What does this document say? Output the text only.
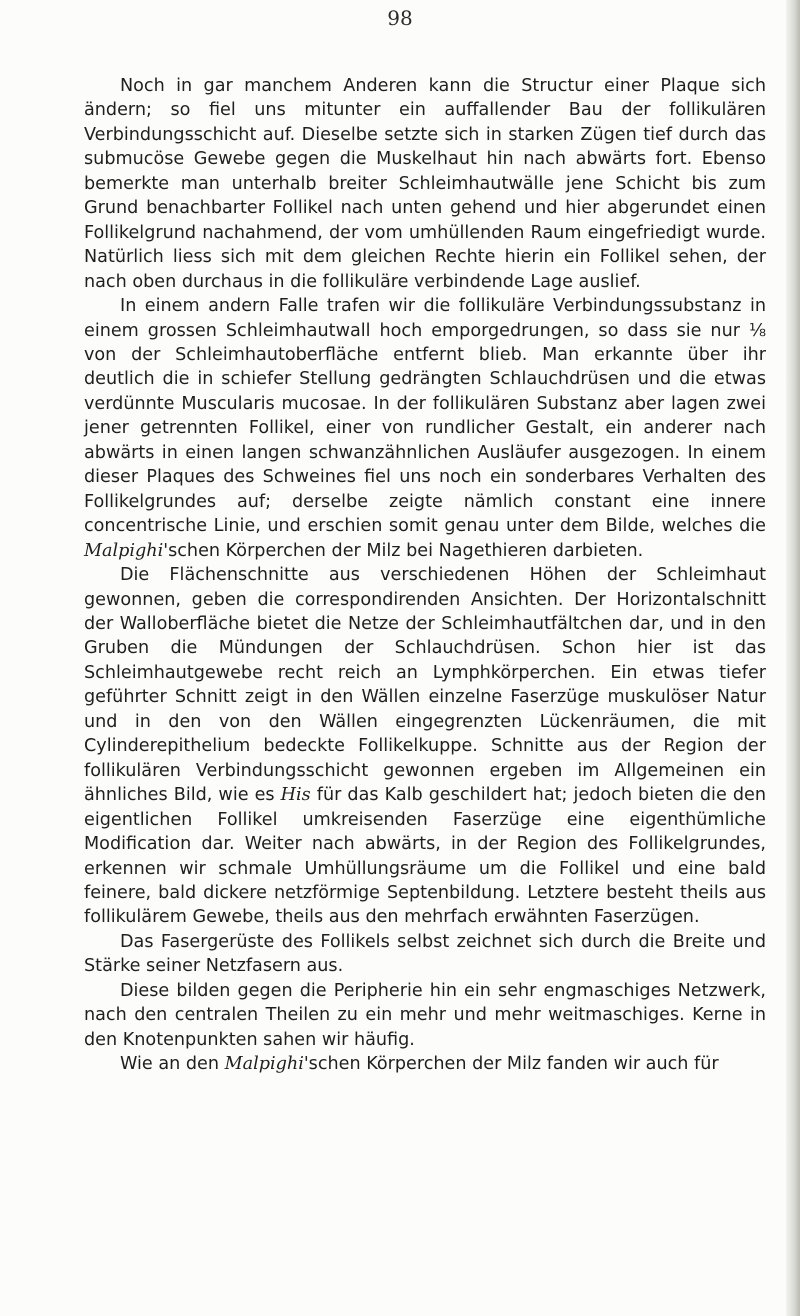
98

Noch in gar manchem Anderen kann die Structur einer Plaque sich ändern; so fiel uns mitunter ein auffallender Bau der follikulären Verbindungsschicht auf. Dieselbe setzte sich in starken Zügen tief durch das submucöse Gewebe gegen die Muskelhaut hin nach abwärts fort. Ebenso bemerkte man unterhalb breiter Schleimhautwälle jene Schicht bis zum Grund benachbarter Follikel nach unten gehend und hier abgerundet einen Follikelgrund nachahmend, der vom umhüllenden Raum eingefriedigt wurde. Natürlich liess sich mit dem gleichen Rechte hierin ein Follikel sehen, der nach oben durchaus in die follikuläre verbindende Lage auslief.

In einem andern Falle trafen wir die follikuläre Verbindungssubstanz in einem grossen Schleimhautwall hoch emporgedrungen, so dass sie nur ⅛ von der Schleimhautoberfläche entfernt blieb. Man erkannte über ihr deutlich die in schiefer Stellung gedrängten Schlauchdrüsen und die etwas verdünnte Muscularis mucosae. In der follikulären Substanz aber lagen zwei jener getrennten Follikel, einer von rundlicher Gestalt, ein anderer nach abwärts in einen langen schwanzähnlichen Ausläufer ausgezogen. In einem dieser Plaques des Schweines fiel uns noch ein sonderbares Verhalten des Follikelgrundes auf; derselbe zeigte nämlich constant eine innere concentrische Linie, und erschien somit genau unter dem Bilde, welches die Malpighi'schen Körperchen der Milz bei Nagethieren darbieten.

Die Flächenschnitte aus verschiedenen Höhen der Schleimhaut gewonnen, geben die correspondirenden Ansichten. Der Horizontalschnitt der Walloberfläche bietet die Netze der Schleimhautfältchen dar, und in den Gruben die Mündungen der Schlauchdrüsen. Schon hier ist das Schleimhautgewebe recht reich an Lymphkörperchen. Ein etwas tiefer geführter Schnitt zeigt in den Wällen einzelne Faserzüge muskulöser Natur und in den von den Wällen eingegrenzten Lückenräumen, die mit Cylinderepithelium bedeckte Follikelkuppe. Schnitte aus der Region der follikulären Verbindungsschicht gewonnen ergeben im Allgemeinen ein ähnliches Bild, wie es His für das Kalb geschildert hat; jedoch bieten die den eigentlichen Follikel umkreisenden Faserzüge eine eigenthümliche Modification dar. Weiter nach abwärts, in der Region des Follikelgrundes, erkennen wir schmale Umhüllungsräume um die Follikel und eine bald feinere, bald dickere netzförmige Septenbildung. Letztere besteht theils aus follikulärem Gewebe, theils aus den mehrfach erwähnten Faserzügen.

Das Fasergerüste des Follikels selbst zeichnet sich durch die Breite und Stärke seiner Netzfasern aus.

Diese bilden gegen die Peripherie hin ein sehr engmaschiges Netzwerk, nach den centralen Theilen zu ein mehr und mehr weitmaschiges. Kerne in den Knotenpunkten sahen wir häufig.

Wie an den Malpighi'schen Körperchen der Milz fanden wir auch für
